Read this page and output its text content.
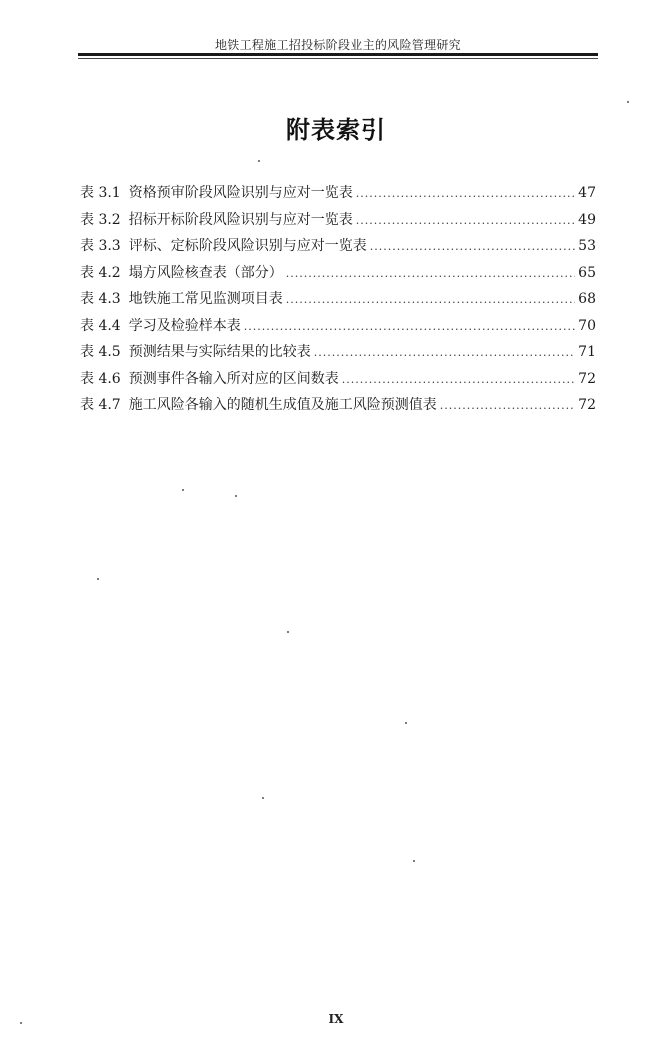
地铁工程施工招投标阶段业主的风险管理研究
附表索引
表 3.1 资格预审阶段风险识别与应对一览表 .....	47
表 3.2 招标开标阶段风险识别与应对一览表 .....	49
表 3.3 评标、定标阶段风险识别与应对一览表 .....	53
表 4.2 塌方风险核查表（部分） .....	65
表 4.3 地铁施工常见监测项目表 .....	68
表 4.4 学习及检验样本表 .....	70
表 4.5 预测结果与实际结果的比较表 .....	71
表 4.6 预测事件各输入所对应的区间数表 .....	72
表 4.7 施工风险各输入的随机生成值及施工风险预测值表 .....	72
IX
